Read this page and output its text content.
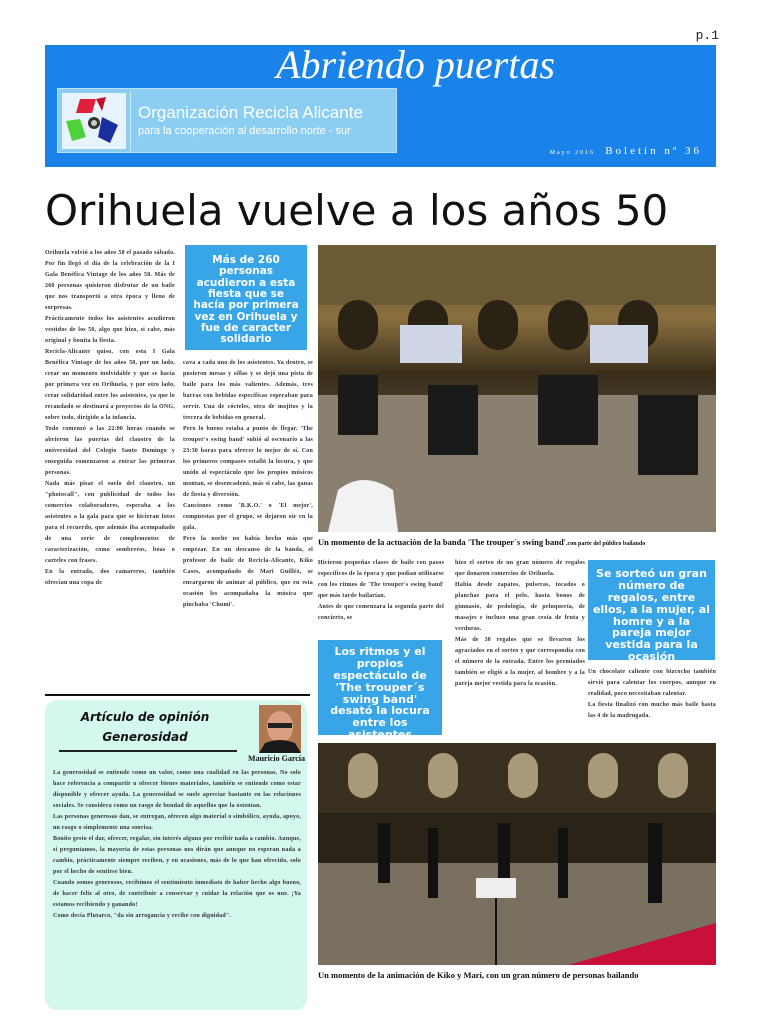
p.1
Abriendo puertas
Organización Recicla Alicante
para la cooperación al desarrollo norte - sur
Mayo 2016 Boletín nº 36
Orihuela vuelve a los años 50

Orihuela volvió a los años 50 el pasado sábado. Por fin llegó el día de la celebración de la I Gala Benéfica Vintage de los años 50. Más de 260 personas quisieron disfrutar de un baile que nos transportó a otra época y lleno de sorpresas.

Prácticamente todos los asistentes acudieron vestidos de los 50, algo que hizo, si cabe, más original y bonita la fiesta.

Recicla-Alicante quiso, con esta I Gala Benéfica Vintage de los años 50, por un lado, crear un momento inolvidable y que se hacía por primera vez en Orihuela, y por otro lado, crear solidaridad entre los asistentes, ya que lo recaudado se destinará a proyectos de la ONG, sobre todo, dirigido a la infancia.

Todo comenzó a las 22:00 horas cuando se abrieron las puertas del claustro de la universidad del Colegio Santo Domingo y enseguida comenzaron a entrar las primeras personas.

Nada más pisar el suelo del claustro, un "photocall", con publicidad de todos los comercios colaboradores, esperaba a los asistentes a la gala para que se hicieran fotos para el recuerdo, que además iba acompañado de una serie de complementos de caracterización, como sombreros, boas o carteles con frases.

En la entrada, dos camareros, también ofrecían una copa de

Más de 260 personas acudieron a esta fiesta que se hacía por primera vez en Orihuela y fue de caracter solidario

cava a cada uno de los asistentes. Ya dentro, se pusieron mesas y sillas y se dejó una pista de baile para los más valientes. Además, tres barras con bebidas específicas esperaban para servir. Una de cócteles, otra de mojitos y la tercera de bebidas en general.

Pero lo bueno estaba a punto de llegar. 'The trouper's swing band' subió al escenario a las 23:30 horas para ofrecer lo mejor de sí. Con los primeros compases estalló la locura, y que unido al espectáculo que los propios músicos montan, se desencadenó, más si cabe, las ganas de fiesta y diversión.

Canciones como 'R.K.O.' o 'El mejor', compuestas por el grupo, se dejaron oír en la gala.

Pero la noche no había hecho más que empezar. En un descanso de la banda, el profesor de baile de Recicla-Alicante, Kiko Cases, acompañado de Mari Guilléz, se encargaron de animar al público, que en esta ocasión les acompañaba la música que pinchaba 'Chumi'.

Un momento de la actuación de la banda 'The trouper´s swing band',con parte del público bailando

Hicieron pequeñas clases de baile con pasos específicos de la época y que podían utilizarse con los ritmos de 'The trouper's swing band' que más tarde bailarían.

Antes de que comenzara la segunda parte del concierto, se

Los ritmos y el propios espectáculo de 'The trouper´s swing band' desató la locura entre los asistentes

hizo el sorteo de un gran número de regalos que donaron comercios de Orihuela.

Había desde zapatos, pulseras, tocados o planchas para el pelo, hasta bonos de gimnasio, de pedología, de peluquería, de masajes e incluso una gran cesta de fruta y verduras.

Más de 30 regalos que se llevaron los agraciados en el sorteo y que correspondía con el número de la entrada. Entre los premiados también se eligió a la mujer, al hombre y a la pareja mejor vestida para la ocasión.

Se sorteó un gran número de regalos, entre ellos, a la mujer, al homre y a la pareja mejor vestida para la ocasión

Un chocolate caliente con bizcocho también sirvió para calentar los cuerpos, aunque en realidad, poco necesitaban calentar.

La fiesta finalizó con mucho más baile hasta las 4 de la madrugada.

Artículo de opinión
Generosidad
Mauricio García

La generosidad se entiende como un valor, como una cualidad en las personas. No solo hace referencia a compartir u ofrecer bienes materiales, también se entiende como estar disponible y ofrecer ayuda. La generosidad se suele apreciar bastante en las relaciones sociales. Se considera como un rasgo de bondad de aquellos que la ostentan.

Las personas generosas dan, se entregan, ofrecen algo material o simbólico, ayuda, apoyo, un rasgo o simplemente una sonrisa.

Bonito gesto el dar, ofrecer, regalar, sin interés alguno por recibir nada a cambio. Aunque, si preguntamos, la mayoría de estas personas nos dirán que aunque no esperan nada a cambio, prácticamente siempre reciben, y en ocasiones, más de lo que han ofrecido, solo por el hecho de sentirse bien.

Cuando somos generosos, recibimos el sentimiento inmediato de haber hecho algo bueno, de hacer feliz al otro, de contribuir a conservar y cuidar la relación que os une. ¡Ya estamos recibiendo y ganando!

Como decía Plutarco, "da sin arrogancia y recibe con dignidad".

Un momento de la animación de Kiko y Mari, con un gran número de personas bailando
